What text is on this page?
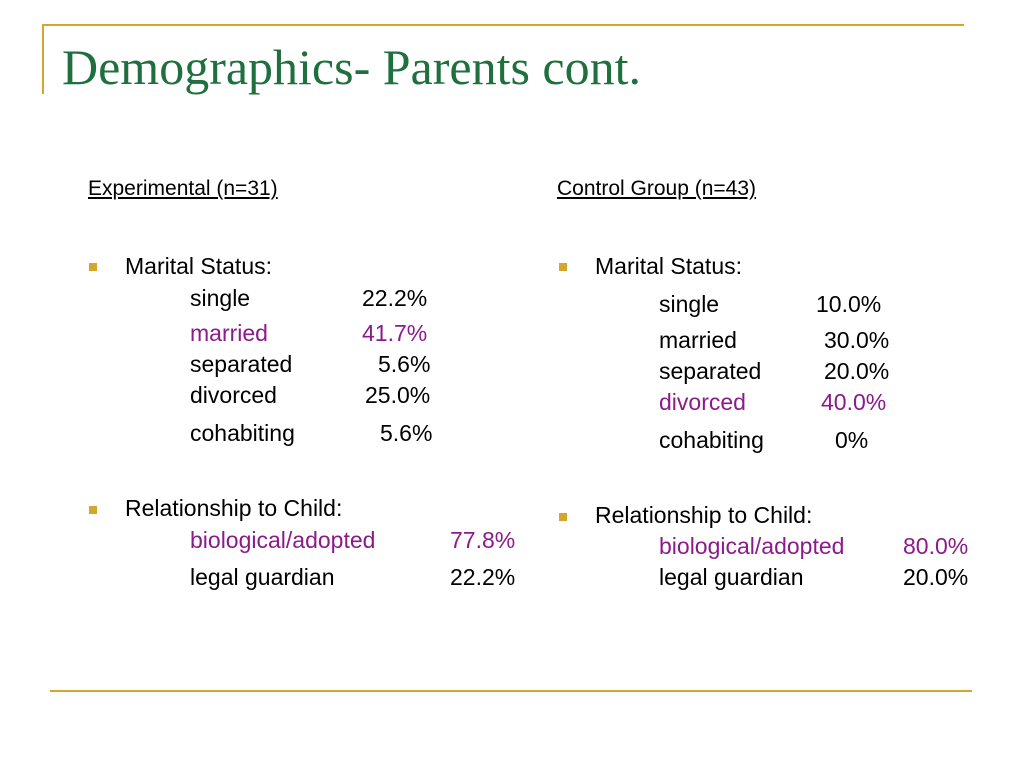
Demographics- Parents cont.
Experimental (n=31)
Marital Status:
single	22.2%
married	41.7%
separated	5.6%
divorced	25.0%
cohabiting	5.6%
Relationship to Child:
biological/adopted	77.8%
legal guardian	22.2%
Control Group (n=43)
Marital Status:
single	10.0%
married	30.0%
separated	20.0%
divorced	40.0%
cohabiting	0%
Relationship to Child:
biological/adopted	80.0%
legal guardian	20.0%
